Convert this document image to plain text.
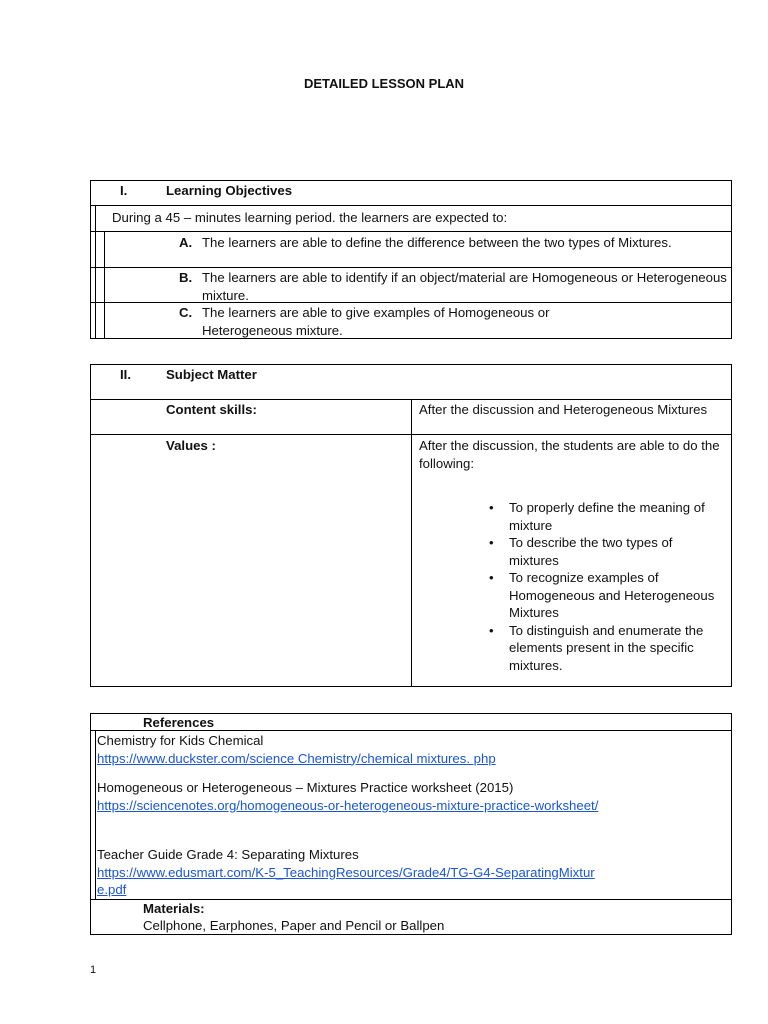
DETAILED LESSON PLAN
I.	Learning Objectives
During a 45 – minutes learning period. the learners are expected to:
A. The learners are able to define the difference between the two types of Mixtures.
B. The learners are able to identify if an object/material are Homogeneous or Heterogeneous mixture.
C. The learners are able to give examples of Homogeneous or Heterogeneous mixture.
II.	Subject Matter
Content skills:	After the discussion and Heterogeneous Mixtures
Values :	After the discussion, the students are able to do the following:
• To properly define the meaning of mixture
• To describe the two types of mixtures
• To recognize examples of Homogeneous and Heterogeneous Mixtures
• To distinguish and enumerate the elements present in the specific mixtures.
References
Chemistry for Kids Chemical
https://www.duckster.com/science Chemistry/chemical mixtures. php
Homogeneous or Heterogeneous – Mixtures Practice worksheet (2015)
https://sciencenotes.org/homogeneous-or-heterogeneous-mixture-practice-worksheet/
Teacher Guide Grade 4: Separating Mixtures
https://www.edusmart.com/K-5_TeachingResources/Grade4/TG-G4-SeparatingMixture.pdf
Materials:
Cellphone, Earphones, Paper and Pencil or Ballpen
1
